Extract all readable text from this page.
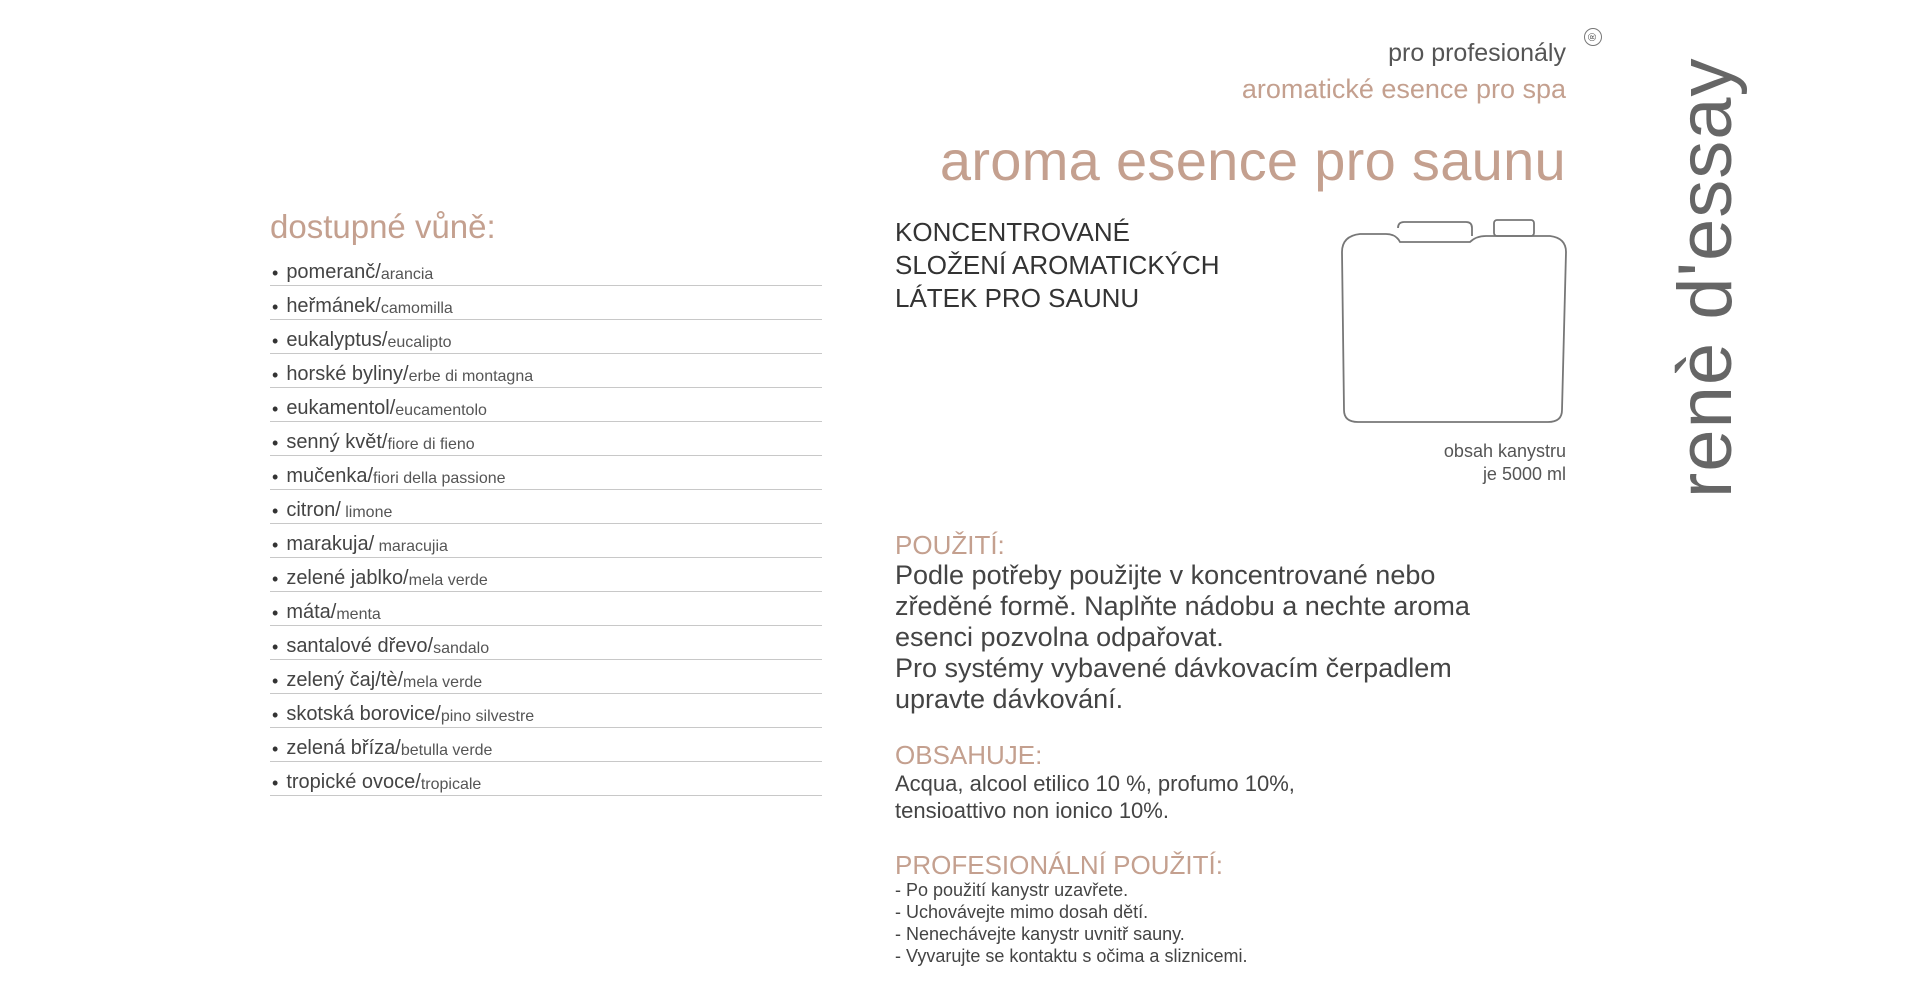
pro profesionály
aromatické esence pro spa
aroma esence pro saunu renè d'essay
®
dostupné vůně:
• pomeranč/ arancia
• heřmánek/ camomilla
• eukalyptus/ eucalipto
• horské byliny/ erbe di montagna
• eukamentol/ eucamentolo
• senný květ/ fiore di fieno
• mučenka/ fiori della passione
• citron/ limone
• marakuja/ maracujia
• zelené jablko/ mela verde
• máta/ menta
• santalové dřevo/ sandalo
• zelený čaj/tè/ mela verde
• skotská borovice/ pino silvestre
• zelená bříza/ betulla verde
• tropické ovoce/ tropicale
KONCENTROVANÉ
SLOŽENÍ AROMATICKÝCH
LÁTEK PRO SAUNU
obsah kanystru
je 5000 ml
POUŽITÍ:
Podle potřeby použijte v koncentrované nebo
zředěné formě. Naplňte nádobu a nechte aroma
esenci pozvolna odpařovat.
Pro systémy vybavené dávkovacím čerpadlem
upravte dávkování.
OBSAHUJE:
Acqua, alcool etilico 10 %, profumo 10%,
tensioattivo non ionico 10%.
PROFESIONÁLNÍ POUŽITÍ:
- Po použití kanystr uzavřete.
- Uchovávejte mimo dosah dětí.
- Nenechávejte kanystr uvnitř sauny.
- Vyvarujte se kontaktu s očima a sliznicemi.
